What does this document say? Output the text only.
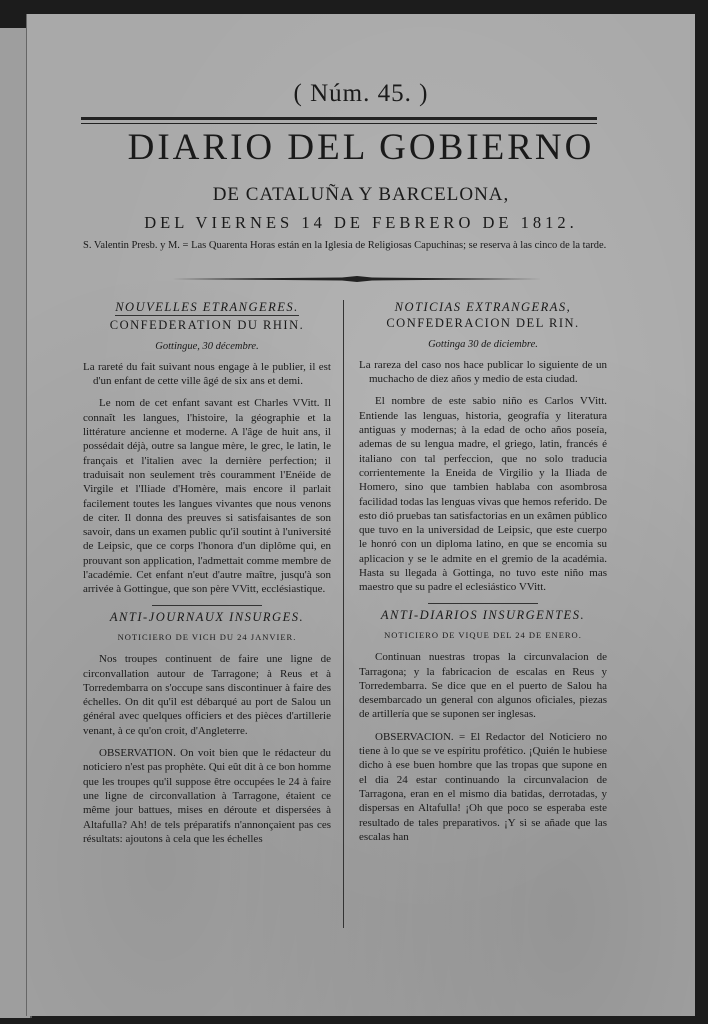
( Núm. 45. )
DIARIO DEL GOBIERNO
DE CATALUÑA Y BARCELONA,
DEL VIERNES 14 DE FEBRERO DE 1812.
S. Valentin Presb. y M. = Las Quarenta Horas están en la Iglesia de Religiosas Capuchinas; se reserva à las cinco de la tarde.
NOUVELLES ETRANGERES.
CONFEDERATION DU RHIN.
Gottingue, 30 décembre.

La rareté du fait suivant nous engage à le publier, il est d'un enfant de cette ville âgé de six ans et demi.

Le nom de cet enfant savant est Charles VVitt. Il connaît les langues, l'histoire, la géographie et la littérature ancienne et moderne. A l'âge de huit ans, il possédait déjà, outre sa langue mère, le grec, le latin, le français et l'italien avec la dernière perfection; il traduisait non seulement très couramment l'Enéide de Virgile et l'Iliade d'Homère, mais encore il parlait facilement toutes les langues vivantes que nous venons de citer. Il donna des preuves si satisfaisantes de son savoir, dans un examen public qu'il soutint à l'université de Leipsic, que ce corps l'honora d'un diplôme qui, en prouvant son application, l'admettait comme membre de l'académie. Cet enfant n'eut d'autre maître, jusqu'à son arrivée à Gottingue, que son père VVitt, ecclésiastique.

ANTI-JOURNAUX INSURGES.
NOTICIERO DE VICH DU 24 JANVIER.

Nos troupes continuent de faire une ligne de circonvallation autour de Tarragone; à Reus et à Torredembarra on s'occupe sans discontinuer à faire des échelles. On dit qu'il est débarqué au port de Salou un général avec quelques officiers et des pièces d'artillerie venant, à ce qu'on croit, d'Angleterre.

OBSERVATION. On voit bien que le rédacteur du noticiero n'est pas prophète. Qui eût dit à ce bon homme que les troupes qu'il suppose être occupées le 24 à faire une ligne de circonvallation à Tarragone, étaient ce même jour battues, mises en déroute et dispersées à Altafulla? Ah! de tels préparatifs n'annonçaient pas ces résultats: ajoutons à cela que les échelles

NOTICIAS EXTRANGERAS,
CONFEDERACION DEL RIN.
Gottinga 30 de diciembre.

La rareza del caso nos hace publicar lo siguiente de un muchacho de diez años y medio de esta ciudad.

El nombre de este sabio niño es Carlos VVitt. Entiende las lenguas, historia, geografía y literatura antiguas y modernas; à la edad de ocho años poseía, ademas de su lengua madre, el griego, latin, francés é italiano con tal perfeccion, que no solo traducia corrientemente la Eneida de Virgilio y la Iliada de Homero, sino que tambien hablaba con asombrosa facilidad todas las lenguas vivas que hemos referido. De esto dió pruebas tan satisfactorias en un exâmen público que tuvo en la universidad de Leipsic, que este cuerpo le honró con un diploma latino, en que se encomia su aplicacion y se le admite en el gremio de la académia. Hasta su llegada à Gottinga, no tuvo este niño mas maestro que su padre el eclesiástico VVitt.

ANTI-DIARIOS INSURGENTES.
NOTICIERO DE VIQUE DEL 24 DE ENERO.

Continuan nuestras tropas la circunvalacion de Tarragona; y la fabricacion de escalas en Reus y Torredembarra. Se dice que en el puerto de Salou ha desembarcado un general con algunos oficiales, piezas de artillería que se suponen ser inglesas.

OBSERVACION. = El Redactor del Noticiero no tiene à lo que se ve espíritu profético. ¡Quién le hubiese dicho à ese buen hombre que las tropas que supone en el dia 24 estar continuando la circunvalacion de Tarragona, eran en el mismo dia batidas, derrotadas, y dispersas en Altafulla! ¡Oh que poco se esperaba este resultado de tales preparativos. ¡Y si se añade que las escalas han
